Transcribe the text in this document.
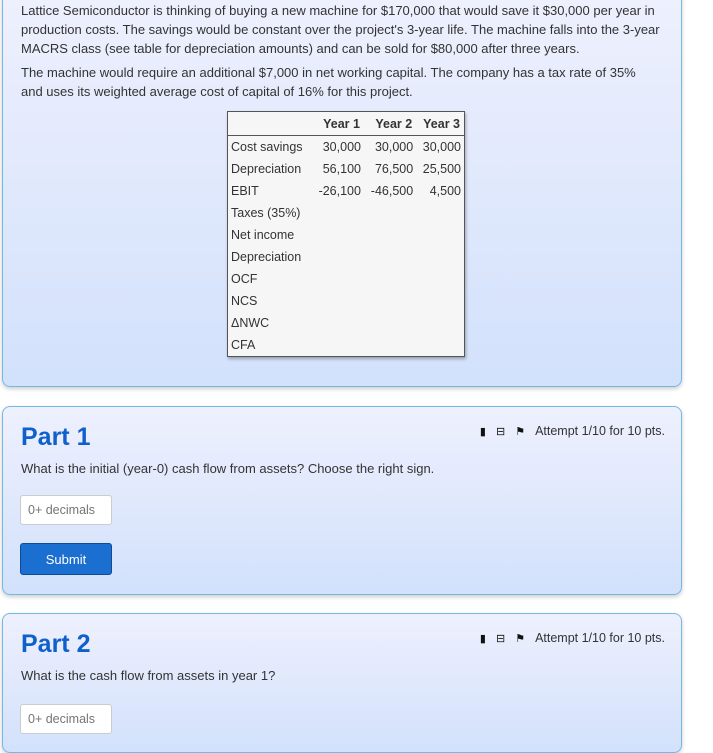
Lattice Semiconductor is thinking of buying a new machine for $170,000 that would save it $30,000 per year in production costs. The savings would be constant over the project's 3-year life. The machine falls into the 3-year MACRS class (see table for depreciation amounts) and can be sold for $80,000 after three years.

The machine would require an additional $7,000 in net working capital. The company has a tax rate of 35% and uses its weighted average cost of capital of 16% for this project.

	Year 1	Year 2	Year 3
Cost savings	30,000	30,000	30,000
Depreciation	56,100	76,500	25,500
EBIT	-26,100	-46,500	4,500
Taxes (35%)			
Net income			
Depreciation			
OCF			
NCS			
ΔNWC			
CFA			
Part 1	▮ ⊟ ⚑ Attempt 1/10 for 10 pts.

What is the initial (year-0) cash flow from assets? Choose the right sign.

0+ decimals
Submit
Part 2	▮ ⊟ ⚑ Attempt 1/10 for 10 pts.

What is the cash flow from assets in year 1?

0+ decimals
